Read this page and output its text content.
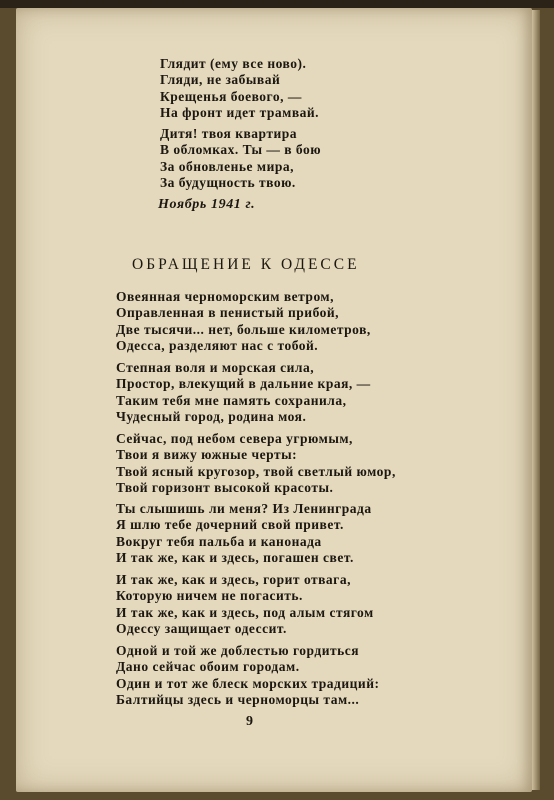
Глядит (ему все ново).
Гляди, не забывай
Крещенья боевого, —
На фронт идет трамвай.
Дитя! твоя квартира
В обломках. Ты — в бою
За обновленье мира,
За будущность твою.
Ноябрь 1941 г.
ОБРАЩЕНИЕ К ОДЕССЕ
Овеянная черноморским ветром,
Оправленная в пенистый прибой,
Две тысячи... нет, больше километров,
Одесса, разделяют нас с тобой.
Степная воля и морская сила,
Простор, влекущий в дальние края, —
Таким тебя мне память сохранила,
Чудесный город, родина моя.
Сейчас, под небом севера угрюмым,
Твои я вижу южные черты:
Твой ясный кругозор, твой светлый юмор,
Твой горизонт высокой красоты.
Ты слышишь ли меня? Из Ленинграда
Я шлю тебе дочерний свой привет.
Вокруг тебя пальба и канонада
И так же, как и здесь, погашен свет.
И так же, как и здесь, горит отвага,
Которую ничем не погасить.
И так же, как и здесь, под алым стягом
Одессу защищает одессит.
Одной и той же доблестью гордиться
Дано сейчас обоим городам.
Один и тот же блеск морских традиций:
Балтийцы здесь и черноморцы там...
9
